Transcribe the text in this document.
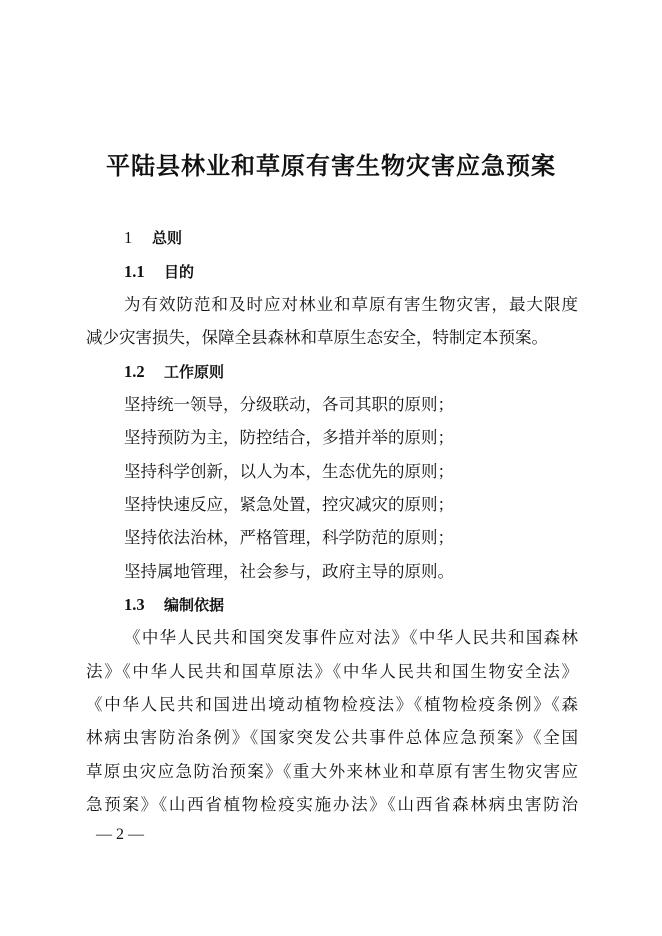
平陆县林业和草原有害生物灾害应急预案
1 总则
1.1 目的
为有效防范和及时应对林业和草原有害生物灾害，最大限度
减少灾害损失，保障全县森林和草原生态安全，特制定本预案。
1.2 工作原则
坚持统一领导，分级联动，各司其职的原则；
坚持预防为主，防控结合，多措并举的原则；
坚持科学创新，以人为本，生态优先的原则；
坚持快速反应，紧急处置，控灾减灾的原则；
坚持依法治林，严格管理，科学防范的原则；
坚持属地管理，社会参与，政府主导的原则。
1.3 编制依据
《中华人民共和国突发事件应对法》《中华人民共和国森林
法》《中华人民共和国草原法》《中华人民共和国生物安全法》
《中华人民共和国进出境动植物检疫法》《植物检疫条例》《森
林病虫害防治条例》《国家突发公共事件总体应急预案》《全国
草原虫灾应急防治预案》《重大外来林业和草原有害生物灾害应
急预案》《山西省植物检疫实施办法》《山西省森林病虫害防治
— 2 —
